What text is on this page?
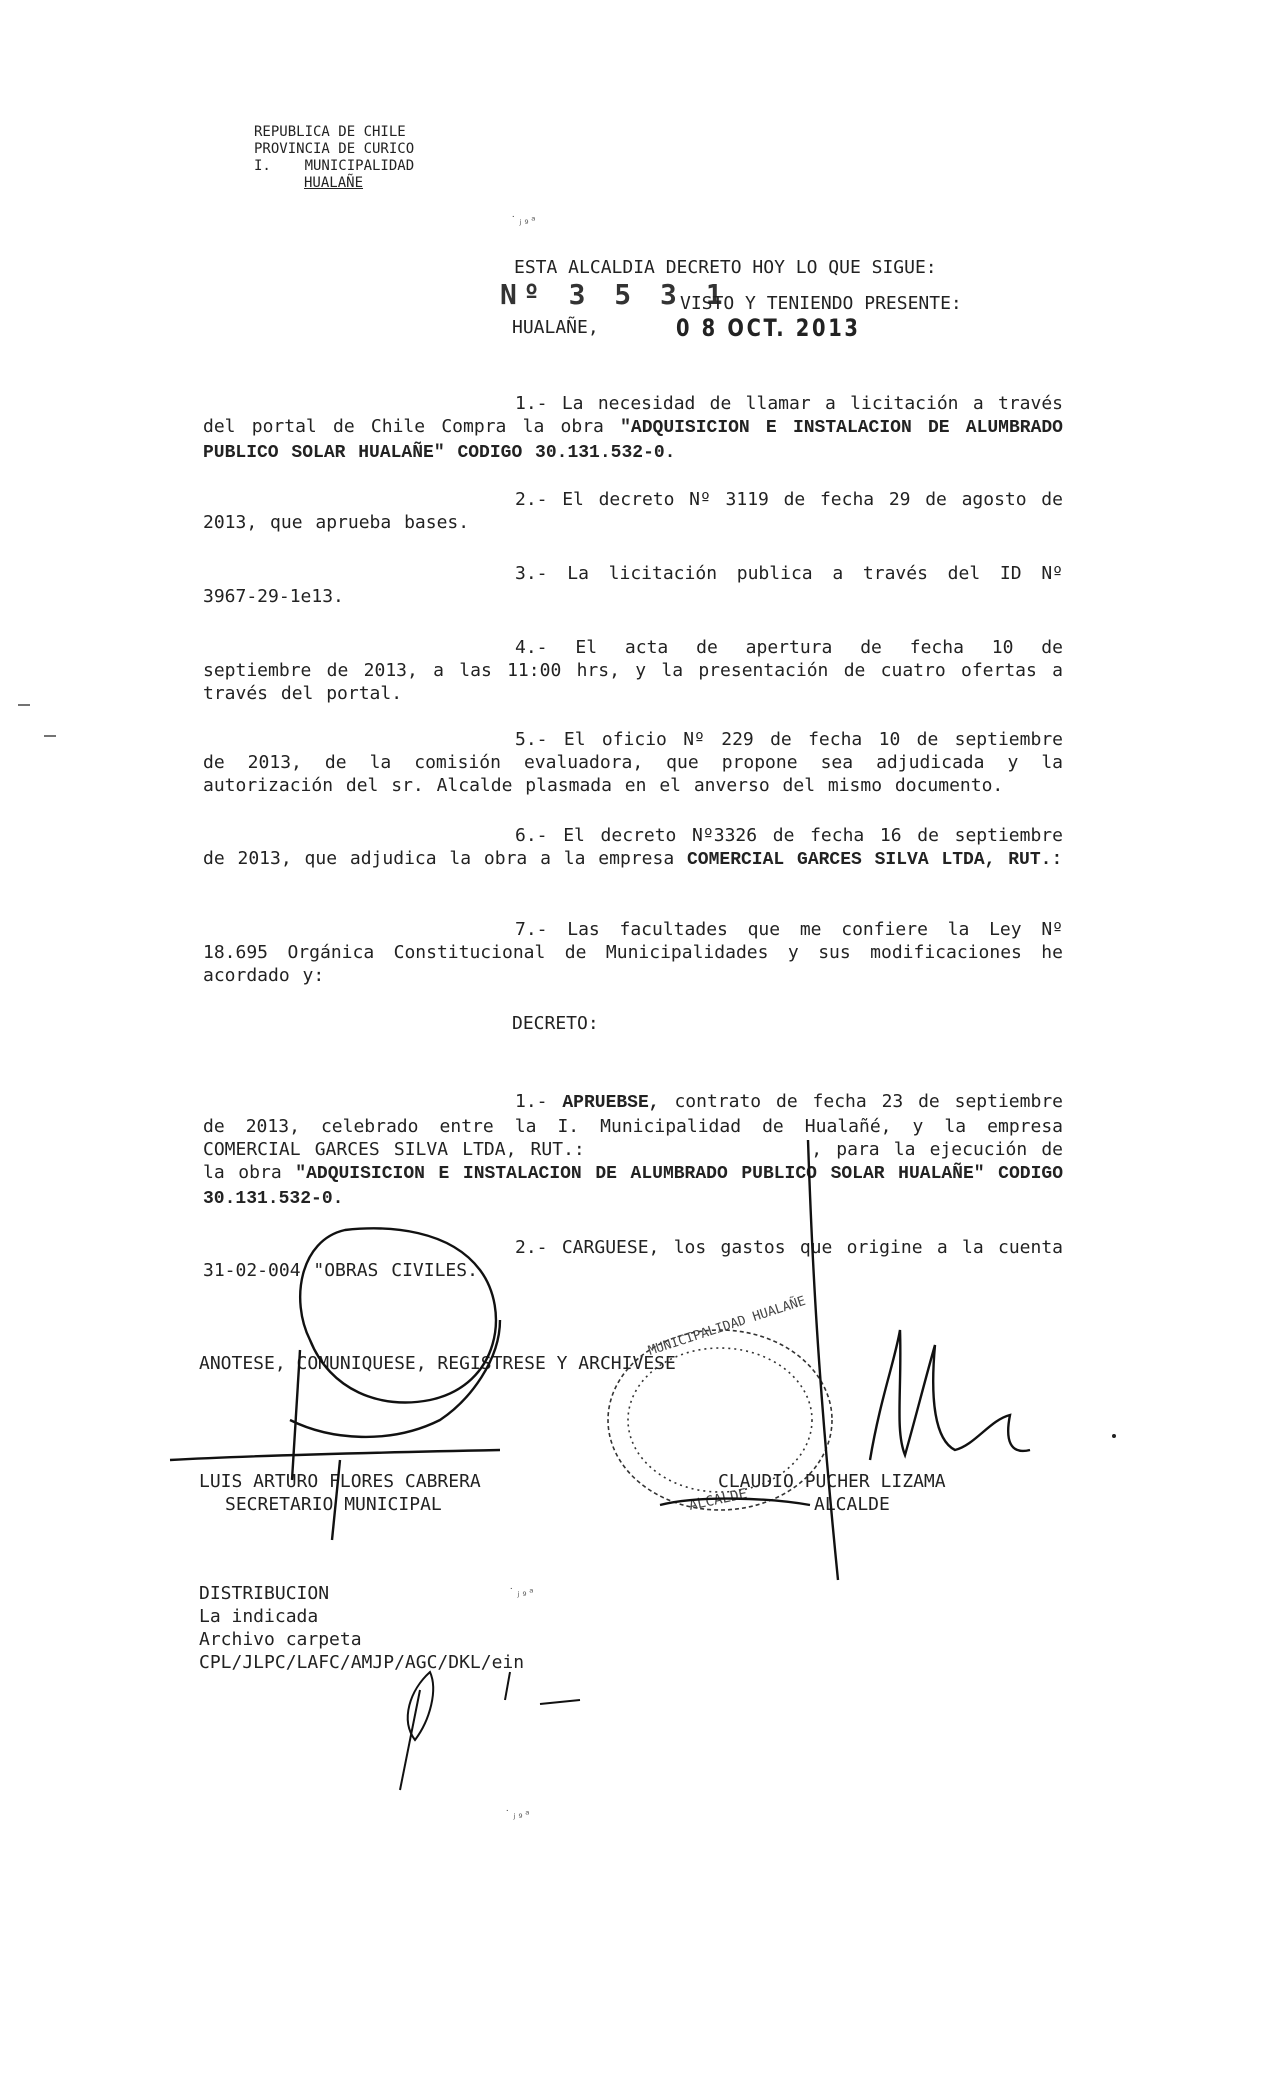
REPUBLICA DE CHILE
PROVINCIA DE CURICO
I.    MUNICIPALIDAD
HUALAÑE
˙ⱼ₉ᵃ
ESTA ALCALDIA DECRETO HOY LO QUE SIGUE:
Nº 3 5 3 1
VISTO Y TENIENDO PRESENTE:
HUALAÑE,	0 8 OCT. 2013
1.- La necesidad de llamar a licitación a través del portal de Chile Compra la obra "ADQUISICION E INSTALACION DE ALUMBRADO PUBLICO SOLAR HUALAÑE" CODIGO 30.131.532-0.
2.- El decreto Nº 3119 de fecha 29 de agosto de 2013, que aprueba bases.
3.- La licitación publica a través del ID Nº 3967-29-1e13.
4.- El acta de apertura de fecha 10 de septiembre de 2013, a las 11:00 hrs, y la presentación de cuatro ofertas a través del portal.
5.- El oficio Nº 229 de fecha 10 de septiembre de 2013, de la comisión evaluadora, que propone sea adjudicada y la autorización del sr. Alcalde plasmada en el anverso del mismo documento.
6.- El decreto Nº3326 de fecha 16 de septiembre de 2013, que adjudica la obra a la empresa COMERCIAL GARCES SILVA LTDA, RUT.:
7.- Las facultades que me confiere la Ley Nº 18.695 Orgánica Constitucional de Municipalidades y sus modificaciones he acordado y:
DECRETO:
1.- APRUEBSE, contrato de fecha 23 de septiembre de 2013, celebrado entre la I. Municipalidad de Hualañé, y la empresa COMERCIAL GARCES SILVA LTDA, RUT.:                , para la ejecución de la obra "ADQUISICION E INSTALACION DE ALUMBRADO PUBLICO SOLAR HUALAÑE" CODIGO 30.131.532-0.
2.- CARGUESE, los gastos que origine a la cuenta 31-02-004 "OBRAS CIVILES.
ANOTESE, COMUNIQUESE, REGISTRESE Y ARCHIVESE
LUIS ARTURO FLORES CABRERA
SECRETARIO MUNICIPAL
CLAUDIO PUCHER LIZAMA
ALCALDE
DISTRIBUCION
La indicada
Archivo carpeta
CPL/JLPC/LAFC/AMJP/AGC/DKL/ein
˙ⱼ₉ᵃ
˙ⱼ₉ᵃ
MUNICIPALIDAD HUALAÑE
ALCALDE
